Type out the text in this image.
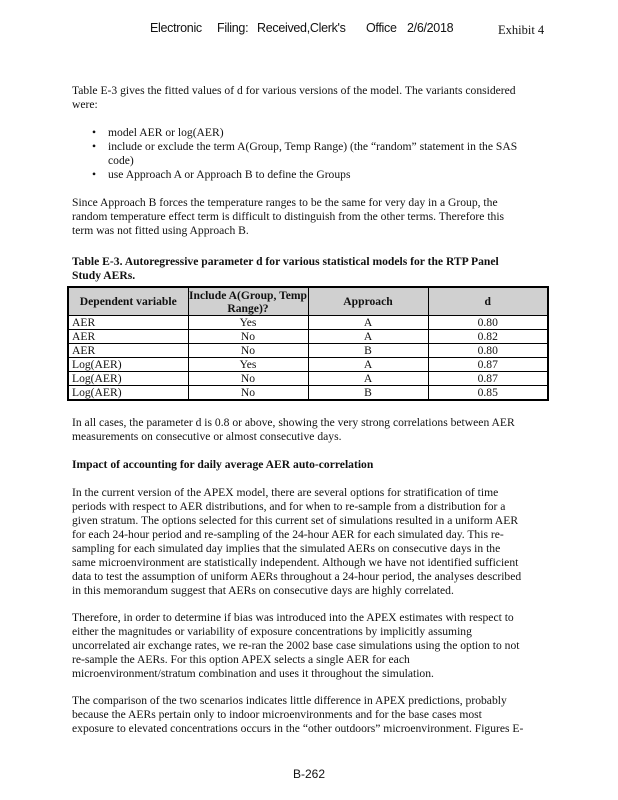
Electronic Filing: Received,Clerk's Office 2/6/2018	Exhibit 4
Table E-3 gives the fitted values of d for various versions of the model. The variants considered
were:
•	model AER or log(AER)
•	include or exclude the term A(Group, Temp Range) (the “random” statement in the SAS
code)
•	use Approach A or Approach B to define the Groups
Since Approach B forces the temperature ranges to be the same for very day in a Group, the
random temperature effect term is difficult to distinguish from the other terms. Therefore this
term was not fitted using Approach B.
Table E-3. Autoregressive parameter d for various statistical models for the RTP Panel
Study AERs.
Dependent variable	Include A(Group, Temp Range)?	Approach	d
AER	Yes	A	0.80
AER	No	A	0.82
AER	No	B	0.80
Log(AER)	Yes	A	0.87
Log(AER)	No	A	0.87
Log(AER)	No	B	0.85
In all cases, the parameter d is 0.8 or above, showing the very strong correlations between AER
measurements on consecutive or almost consecutive days.
Impact of accounting for daily average AER auto-correlation
In the current version of the APEX model, there are several options for stratification of time
periods with respect to AER distributions, and for when to re-sample from a distribution for a
given stratum. The options selected for this current set of simulations resulted in a uniform AER
for each 24-hour period and re-sampling of the 24-hour AER for each simulated day. This re-
sampling for each simulated day implies that the simulated AERs on consecutive days in the
same microenvironment are statistically independent. Although we have not identified sufficient
data to test the assumption of uniform AERs throughout a 24-hour period, the analyses described
in this memorandum suggest that AERs on consecutive days are highly correlated.
Therefore, in order to determine if bias was introduced into the APEX estimates with respect to
either the magnitudes or variability of exposure concentrations by implicitly assuming
uncorrelated air exchange rates, we re-ran the 2002 base case simulations using the option to not
re-sample the AERs. For this option APEX selects a single AER for each
microenvironment/stratum combination and uses it throughout the simulation.
The comparison of the two scenarios indicates little difference in APEX predictions, probably
because the AERs pertain only to indoor microenvironments and for the base cases most
exposure to elevated concentrations occurs in the “other outdoors” microenvironment. Figures E-
B-262
